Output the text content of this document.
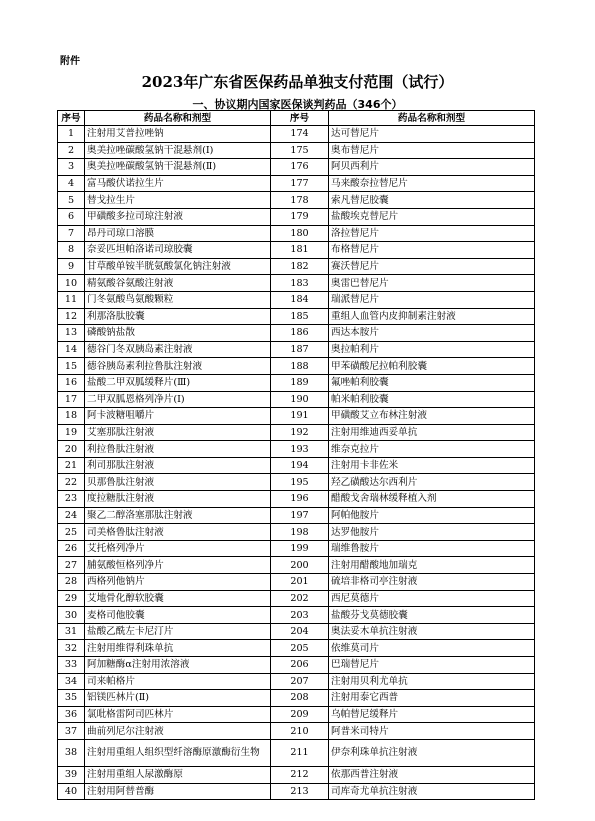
附件
2023年广东省医保药品单独支付范围（试行）
一、协议期内国家医保谈判药品（346个）
序号	药品名称和剂型	序号	药品名称和剂型
1	注射用艾普拉唑钠	174	达可替尼片
2	奥美拉唑碳酸氢钠干混悬剂(I)	175	奥布替尼片
3	奥美拉唑碳酸氢钠干混悬剂(Ⅱ)	176	阿贝西利片
4	富马酸伏诺拉生片	177	马来酸奈拉替尼片
5	替戈拉生片	178	索凡替尼胶囊
6	甲磺酸多拉司琼注射液	179	盐酸埃克替尼片
7	昂丹司琼口溶膜	180	洛拉替尼片
8	奈妥匹坦帕洛诺司琼胶囊	181	布格替尼片
9	甘草酸单铵半胱氨酸氯化钠注射液	182	赛沃替尼片
10	精氨酸谷氨酸注射液	183	奥雷巴替尼片
11	门冬氨酸鸟氨酸颗粒	184	瑞派替尼片
12	利那洛肽胶囊	185	重组人血管内皮抑制素注射液
13	磷酸钠盐散	186	西达本胺片
14	德谷门冬双胰岛素注射液	187	奥拉帕利片
15	德谷胰岛素利拉鲁肽注射液	188	甲苯磺酸尼拉帕利胶囊
16	盐酸二甲双胍缓释片(Ⅲ)	189	氟唑帕利胶囊
17	二甲双胍恩格列净片(Ⅰ)	190	帕米帕利胶囊
18	阿卡波糖咀嚼片	191	甲磺酸艾立布林注射液
19	艾塞那肽注射液	192	注射用维迪西妥单抗
20	利拉鲁肽注射液	193	维奈克拉片
21	利司那肽注射液	194	注射用卡非佐米
22	贝那鲁肽注射液	195	羟乙磺酸达尔西利片
23	度拉糖肽注射液	196	醋酸戈舍瑞林缓释植入剂
24	聚乙二醇洛塞那肽注射液	197	阿帕他胺片
25	司美格鲁肽注射液	198	达罗他胺片
26	艾托格列净片	199	瑞维鲁胺片
27	脯氨酸恒格列净片	200	注射用醋酸地加瑞克
28	西格列他钠片	201	硫培非格司亭注射液
29	艾地骨化醇软胶囊	202	西尼莫德片
30	麦格司他胶囊	203	盐酸芬戈莫德胶囊
31	盐酸乙酰左卡尼汀片	204	奥法妥木单抗注射液
32	注射用维得利珠单抗	205	依维莫司片
33	阿加糖酶α注射用浓溶液	206	巴瑞替尼片
34	司来帕格片	207	注射用贝利尤单抗
35	铝镁匹林片(Ⅱ)	208	注射用泰它西普
36	氯吡格雷阿司匹林片	209	乌帕替尼缓释片
37	曲前列尼尔注射液	210	阿普米司特片
38	注射用重组人组织型纤溶酶原激酶衍生物	211	伊奈利珠单抗注射液
39	注射用重组人尿激酶原	212	依那西普注射液
40	注射用阿替普酶	213	司库奇尤单抗注射液
